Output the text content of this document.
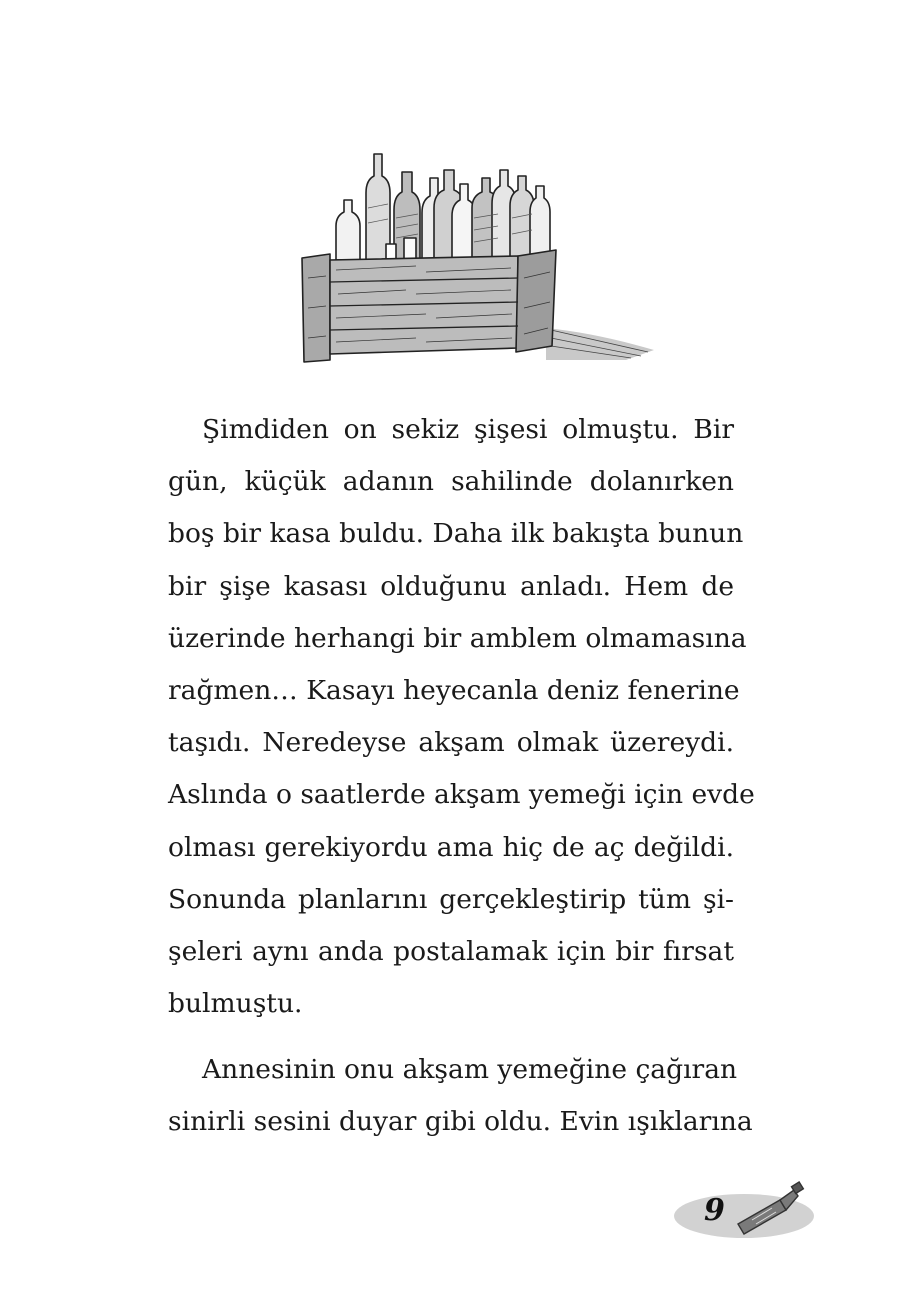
Şimdiden on sekiz şişesi olmuştu. Bir
gün, küçük adanın sahilinde dolanırken
boş bir kasa buldu. Daha ilk bakışta bunun
bir şişe kasası olduğunu anladı. Hem de
üzerinde herhangi bir amblem olmamasına
rağmen… Kasayı heyecanla deniz fenerine
taşıdı. Neredeyse akşam olmak üzereydi.
Aslında o saatlerde akşam yemeği için evde
olması gerekiyordu ama hiç de aç değildi.
Sonunda planlarını gerçekleştirip tüm şi-
şeleri aynı anda postalamak için bir fırsat
bulmuştu.
Annesinin onu akşam yemeğine çağıran
sinirli sesini duyar gibi oldu. Evin ışıklarına
9
